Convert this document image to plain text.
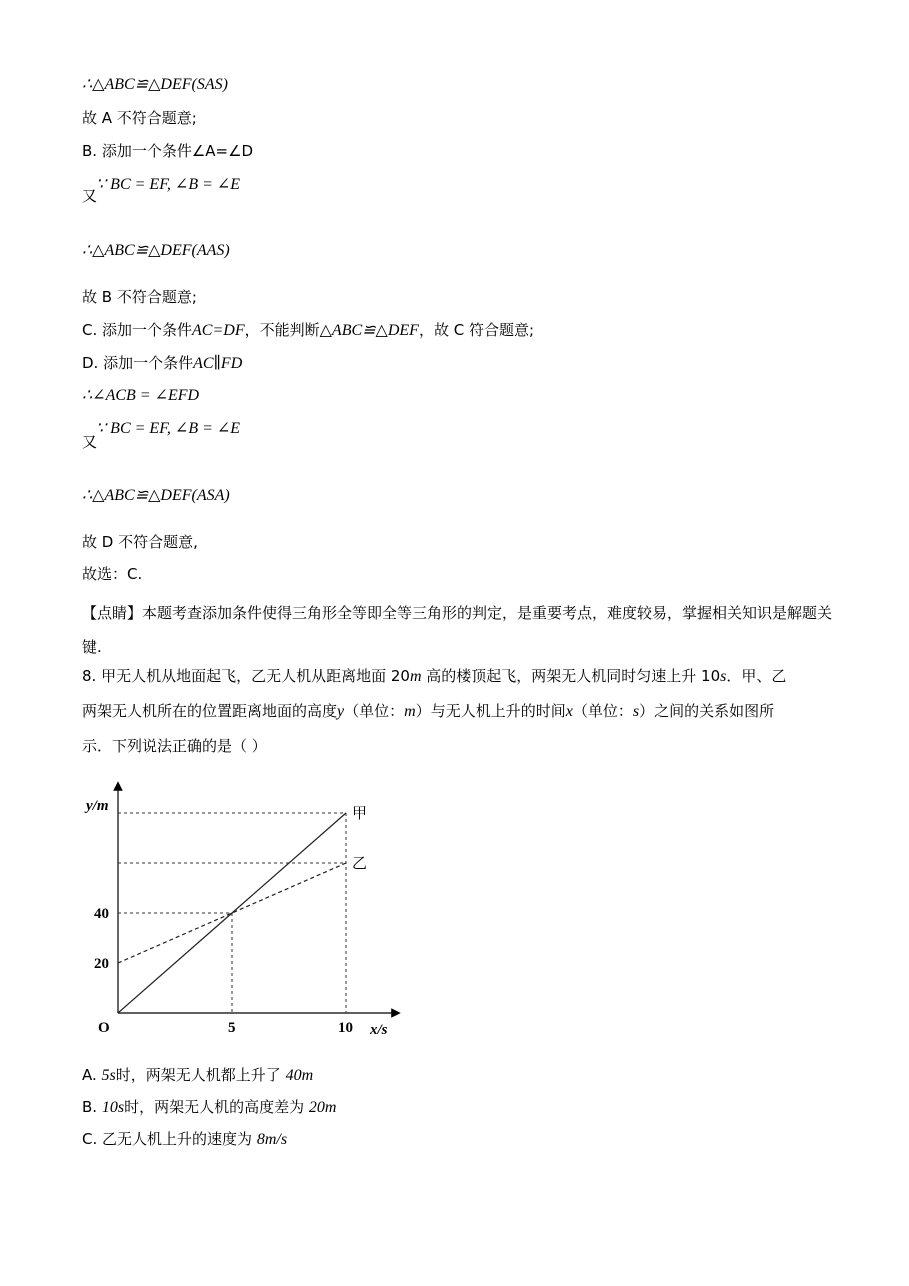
∴△ABC≌△DEF(SAS)
故 A 不符合题意;
B. 添加一个条件∠A=∠D
又
∵ BC = EF, ∠B = ∠E
∴△ABC≌△DEF(AAS)
故 B 不符合题意;
C. 添加一个条件AC=DF，不能判断△ABC≌△DEF，故 C 符合题意;
D. 添加一个条件AC∥FD
∴∠ACB = ∠EFD
又
∵ BC = EF, ∠B = ∠E
∴△ABC≌△DEF(ASA)
故 D 不符合题意,
故选：C.
【点睛】本题考查添加条件使得三角形全等即全等三角形的判定，是重要考点，难度较易，掌握相关知识是解题关键.
8. 甲无人机从地面起飞，乙无人机从距离地面 20m 高的楼顶起飞，两架无人机同时匀速上升 10s．甲、乙
两架无人机所在的位置距离地面的高度y（单位：m）与无人机上升的时间x（单位：s）之间的关系如图所
示．下列说法正确的是（ ）
甲
乙
5	10
20
40
O
y/m
x/s
A. 5s时，两架无人机都上升了 40m
B. 10s时，两架无人机的高度差为 20m
C. 乙无人机上升的速度为 8m/s
